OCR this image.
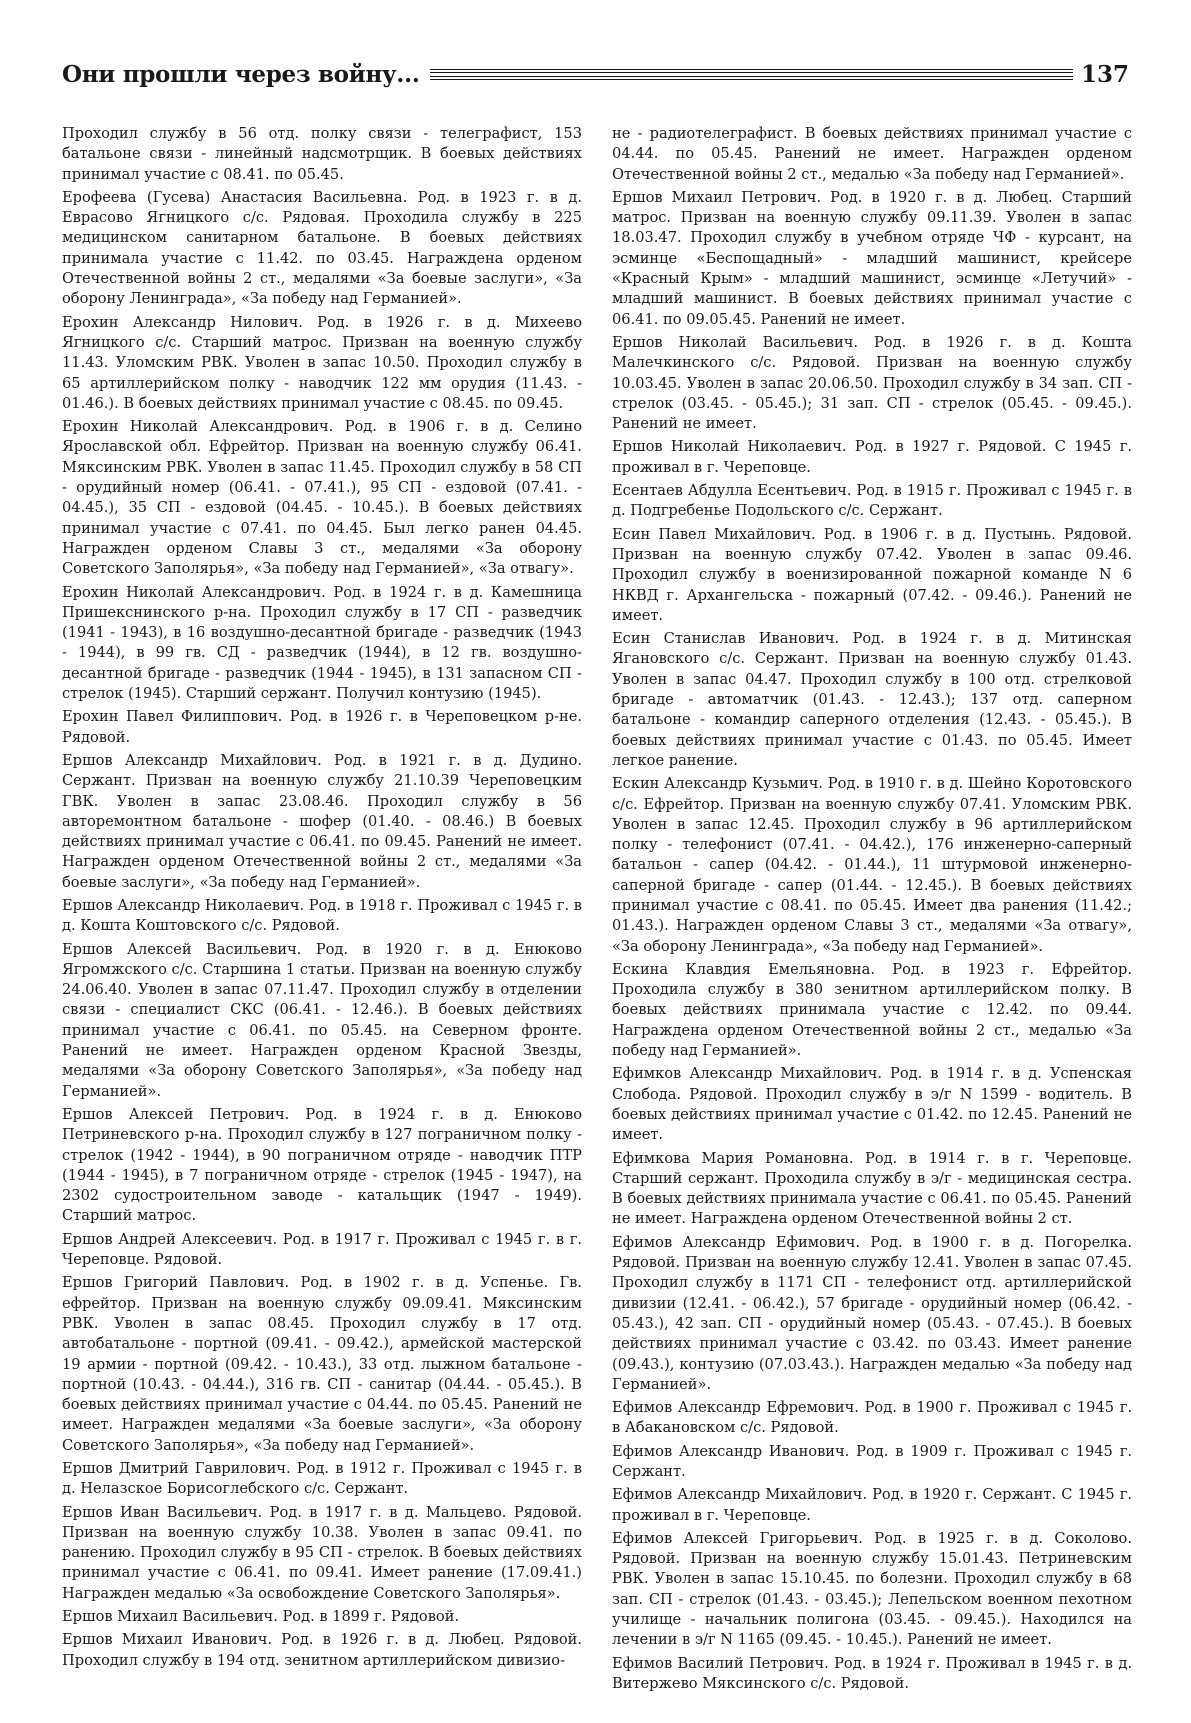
Они прошли через войну...	137

Проходил службу в 56 отд. полку связи - телеграфист, 153 батальоне связи - линейный надсмотрщик. В боевых действиях принимал участие с 08.41. по 05.45.

Ерофеева (Гусева) Анастасия Васильевна. Род. в 1923 г. в д. Еврасово Ягницкого с/с. Рядовая. Проходила службу в 225 медицинском санитарном батальоне. В боевых действиях принимала участие с 11.42. по 03.45. Награждена орденом Отечественной войны 2 ст., медалями «За боевые заслуги», «За оборону Ленинграда», «За победу над Германией».

Ерохин Александр Нилович. Род. в 1926 г. в д. Михеево Ягницкого с/с. Старший матрос. Призван на военную службу 11.43. Уломским РВК. Уволен в запас 10.50. Проходил службу в 65 артиллерийском полку - наводчик 122 мм орудия (11.43. - 01.46.). В боевых действиях принимал участие с 08.45. по 09.45.

Ерохин Николай Александрович. Род. в 1906 г. в д. Селино Ярославской обл. Ефрейтор. Призван на военную службу 06.41. Мяксинским РВК. Уволен в запас 11.45. Проходил службу в 58 СП - орудийный номер (06.41. - 07.41.), 95 СП - ездовой (07.41. - 04.45.), 35 СП - ездовой (04.45. - 10.45.). В боевых действиях принимал участие с 07.41. по 04.45. Был легко ранен 04.45. Награжден орденом Славы 3 ст., медалями «За оборону Советского Заполярья», «За победу над Германией», «За отвагу».

Ерохин Николай Александрович. Род. в 1924 г. в д. Камешница Пришекснинского р-на. Проходил службу в 17 СП - разведчик (1941 - 1943), в 16 воздушно-десантной бригаде - разведчик (1943 - 1944), в 99 гв. СД - разведчик (1944), в 12 гв. воздушно-десантной бригаде - разведчик (1944 - 1945), в 131 запасном СП - стрелок (1945). Старший сержант. Получил контузию (1945).

Ерохин Павел Филиппович. Род. в 1926 г. в Череповецком р-не. Рядовой.

Ершов Александр Михайлович. Род. в 1921 г. в д. Дудино. Сержант. Призван на военную службу 21.10.39 Череповецким ГВК. Уволен в запас 23.08.46. Проходил службу в 56 авторемонтном батальоне - шофер (01.40. - 08.46.) В боевых действиях принимал участие с 06.41. по 09.45. Ранений не имеет. Награжден орденом Отечественной войны 2 ст., медалями «За боевые заслуги», «За победу над Германией».

Ершов Александр Николаевич. Род. в 1918 г. Проживал с 1945 г. в д. Кошта Коштовского с/с. Рядовой.

Ершов Алексей Васильевич. Род. в 1920 г. в д. Енюково Ягромжского с/с. Старшина 1 статьи. Призван на военную службу 24.06.40. Уволен в запас 07.11.47. Проходил службу в отделении связи - специалист СКС (06.41. - 12.46.). В боевых действиях принимал участие с 06.41. по 05.45. на Северном фронте. Ранений не имеет. Награжден орденом Красной Звезды, медалями «За оборону Советского Заполярья», «За победу над Германией».

Ершов Алексей Петрович. Род. в 1924 г. в д. Енюково Петриневского р-на. Проходил службу в 127 пограничном полку - стрелок (1942 - 1944), в 90 пограничном отряде - наводчик ПТР (1944 - 1945), в 7 пограничном отряде - стрелок (1945 - 1947), на 2302 судостроительном заводе - катальщик (1947 - 1949). Старший матрос.

Ершов Андрей Алексеевич. Род. в 1917 г. Проживал с 1945 г. в г. Череповце. Рядовой.

Ершов Григорий Павлович. Род. в 1902 г. в д. Успенье. Гв. ефрейтор. Призван на военную службу 09.09.41. Мяксинским РВК. Уволен в запас 08.45. Проходил службу в 17 отд. автобатальоне - портной (09.41. - 09.42.), армейской мастерской 19 армии - портной (09.42. - 10.43.), 33 отд. лыжном батальоне - портной (10.43. - 04.44.), 316 гв. СП - санитар (04.44. - 05.45.). В боевых действиях принимал участие с 04.44. по 05.45. Ранений не имеет. Награжден медалями «За боевые заслуги», «За оборону Советского Заполярья», «За победу над Германией».

Ершов Дмитрий Гаврилович. Род. в 1912 г. Проживал с 1945 г. в д. Нелазское Борисоглебского с/с. Сержант.

Ершов Иван Васильевич. Род. в 1917 г. в д. Мальцево. Рядовой. Призван на военную службу 10.38. Уволен в запас 09.41. по ранению. Проходил службу в 95 СП - стрелок. В боевых действиях принимал участие с 06.41. по 09.41. Имеет ранение (17.09.41.) Награжден медалью «За освобождение Советского Заполярья».

Ершов Михаил Васильевич. Род. в 1899 г. Рядовой.

Ершов Михаил Иванович. Род. в 1926 г. в д. Любец. Рядовой. Проходил службу в 194 отд. зенитном артиллерийском дивизио-

не - радиотелеграфист. В боевых действиях принимал участие с 04.44. по 05.45. Ранений не имеет. Награжден орденом Отечественной войны 2 ст., медалью «За победу над Германией».

Ершов Михаил Петрович. Род. в 1920 г. в д. Любец. Старший матрос. Призван на военную службу 09.11.39. Уволен в запас 18.03.47. Проходил службу в учебном отряде ЧФ - курсант, на эсминце «Беспощадный» - младший машинист, крейсере «Красный Крым» - младший машинист, эсминце «Летучий» - младший машинист. В боевых действиях принимал участие с 06.41. по 09.05.45. Ранений не имеет.

Ершов Николай Васильевич. Род. в 1926 г. в д. Кошта Малечкинского с/с. Рядовой. Призван на военную службу 10.03.45. Уволен в запас 20.06.50. Проходил службу в 34 зап. СП - стрелок (03.45. - 05.45.); 31 зап. СП - стрелок (05.45. - 09.45.). Ранений не имеет.

Ершов Николай Николаевич. Род. в 1927 г. Рядовой. С 1945 г. проживал в г. Череповце.

Есентаев Абдулла Есентьевич. Род. в 1915 г. Проживал с 1945 г. в д. Подгребенье Подольского с/с. Сержант.

Есин Павел Михайлович. Род. в 1906 г. в д. Пустынь. Рядовой. Призван на военную службу 07.42. Уволен в запас 09.46. Проходил службу в военизированной пожарной команде N 6 НКВД г. Архангельска - пожарный (07.42. - 09.46.). Ранений не имеет.

Есин Станислав Иванович. Род. в 1924 г. в д. Митинская Ягановского с/с. Сержант. Призван на военную службу 01.43. Уволен в запас 04.47. Проходил службу в 100 отд. стрелковой бригаде - автоматчик (01.43. - 12.43.); 137 отд. саперном батальоне - командир саперного отделения (12.43. - 05.45.). В боевых действиях принимал участие с 01.43. по 05.45. Имеет легкое ранение.

Ескин Александр Кузьмич. Род. в 1910 г. в д. Шейно Коротовского с/с. Ефрейтор. Призван на военную службу 07.41. Уломским РВК. Уволен в запас 12.45. Проходил службу в 96 артиллерийском полку - телефонист (07.41. - 04.42.), 176 инженерно-саперный батальон - сапер (04.42. - 01.44.), 11 штурмовой инженерно-саперной бригаде - сапер (01.44. - 12.45.). В боевых действиях принимал участие с 08.41. по 05.45. Имеет два ранения (11.42.; 01.43.). Награжден орденом Славы 3 ст., медалями «За отвагу», «За оборону Ленинграда», «За победу над Германией».

Ескина Клавдия Емельяновна. Род. в 1923 г. Ефрейтор. Проходила службу в 380 зенитном артиллерийском полку. В боевых действиях принимала участие с 12.42. по 09.44. Награждена орденом Отечественной войны 2 ст., медалью «За победу над Германией».

Ефимков Александр Михайлович. Род. в 1914 г. в д. Успенская Слобода. Рядовой. Проходил службу в э/г N 1599 - водитель. В боевых действиях принимал участие с 01.42. по 12.45. Ранений не имеет.

Ефимкова Мария Романовна. Род. в 1914 г. в г. Череповце. Старший сержант. Проходила службу в э/г - медицинская сестра. В боевых действиях принимала участие с 06.41. по 05.45. Ранений не имеет. Награждена орденом Отечественной войны 2 ст.

Ефимов Александр Ефимович. Род. в 1900 г. в д. Погорелка. Рядовой. Призван на военную службу 12.41. Уволен в запас 07.45. Проходил службу в 1171 СП - телефонист отд. артиллерийской дивизии (12.41. - 06.42.), 57 бригаде - орудийный номер (06.42. - 05.43.), 42 зап. СП - орудийный номер (05.43. - 07.45.). В боевых действиях принимал участие с 03.42. по 03.43. Имеет ранение (09.43.), контузию (07.03.43.). Награжден медалью «За победу над Германией».

Ефимов Александр Ефремович. Род. в 1900 г. Проживал с 1945 г. в Абакановском с/с. Рядовой.

Ефимов Александр Иванович. Род. в 1909 г. Проживал с 1945 г. Сержант.

Ефимов Александр Михайлович. Род. в 1920 г. Сержант. С 1945 г. проживал в г. Череповце.

Ефимов Алексей Григорьевич. Род. в 1925 г. в д. Соколово. Рядовой. Призван на военную службу 15.01.43. Петриневским РВК. Уволен в запас 15.10.45. по болезни. Проходил службу в 68 зап. СП - стрелок (01.43. - 03.45.); Лепельском военном пехотном училище - начальник полигона (03.45. - 09.45.). Находился на лечении в э/г N 1165 (09.45. - 10.45.). Ранений не имеет.

Ефимов Василий Петрович. Род. в 1924 г. Проживал в 1945 г. в д. Витержево Мяксинского с/с. Рядовой.
